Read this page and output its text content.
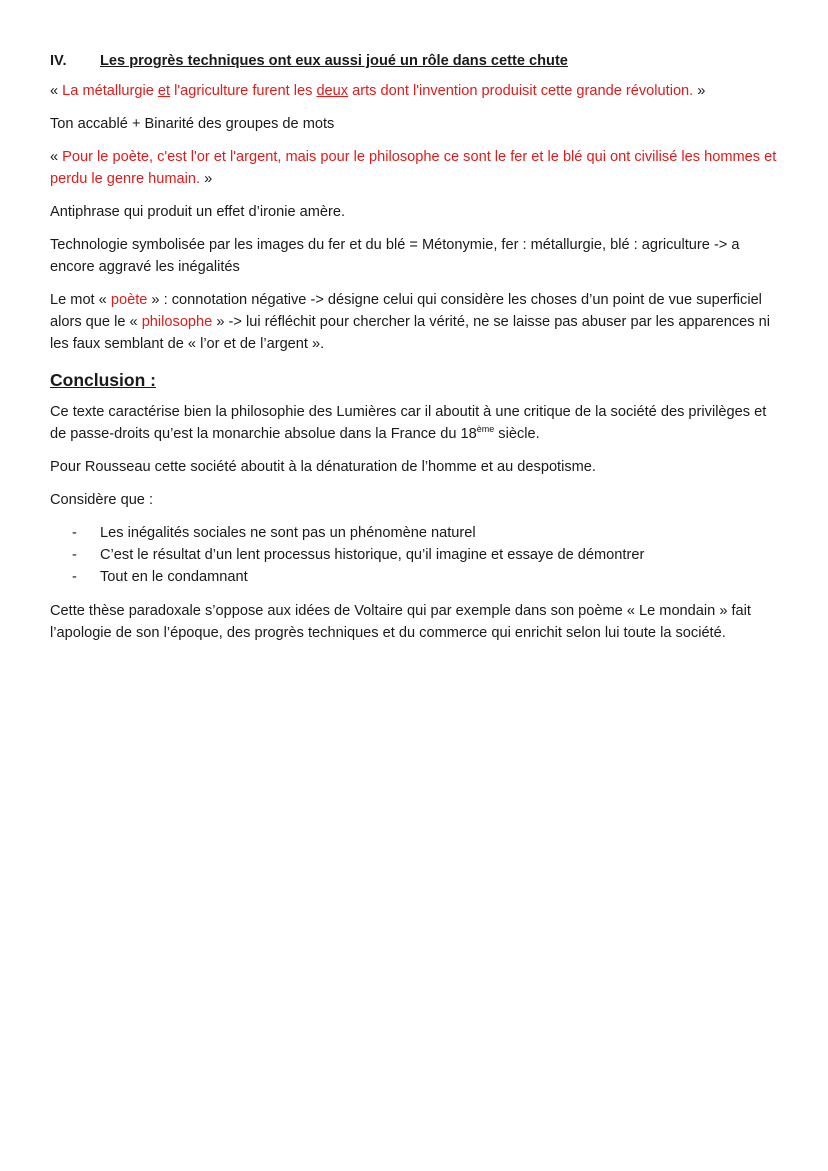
IV.	Les progrès techniques ont eux aussi joué un rôle dans cette chute

« La métallurgie et l'agriculture furent les deux arts dont l'invention produisit cette grande révolution. »

Ton accablé + Binarité des groupes de mots

« Pour le poète, c'est l'or et l'argent, mais pour le philosophe ce sont le fer et le blé qui ont civilisé les hommes et perdu le genre humain. »

Antiphrase qui produit un effet d’ironie amère.

Technologie symbolisée par les images du fer et du blé = Métonymie, fer : métallurgie, blé : agriculture -> a encore aggravé les inégalités

Le mot « poète » : connotation négative -> désigne celui qui considère les choses d’un point de vue superficiel alors que le « philosophe » -> lui réfléchit pour chercher la vérité, ne se laisse pas abuser par les apparences ni les faux semblant de « l’or et de l’argent ».

Conclusion :

Ce texte caractérise bien la philosophie des Lumières car il aboutit à une critique de la société des privilèges et de passe-droits qu’est la monarchie absolue dans la France du 18ème siècle.

Pour Rousseau cette société aboutit à la dénaturation de l’homme et au despotisme.

Considère que :

- Les inégalités sociales ne sont pas un phénomène naturel
- C’est le résultat d’un lent processus historique, qu’il imagine et essaye de démontrer
- Tout en le condamnant

Cette thèse paradoxale s’oppose aux idées de Voltaire qui par exemple dans son poème « Le mondain » fait l’apologie de son l’époque, des progrès techniques et du commerce qui enrichit selon lui toute la société.
